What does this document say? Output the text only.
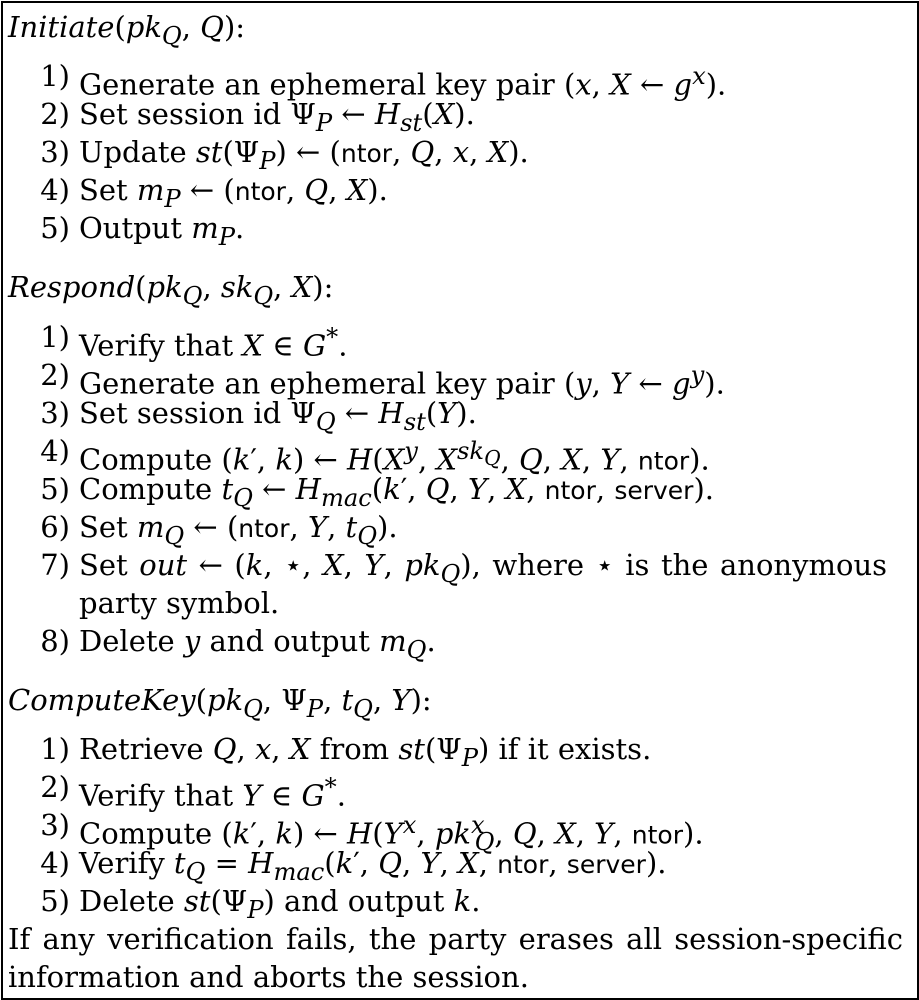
$Initiate(pk_Q$, Q):
1) Generate an ephemeral key pair (x, X ← $g^x$).
2) Set session id $\Psi_P$ ← $H_{st}(X)$.
3) Update $st(\Psi_P)$ ← (ntor, Q, x, X).
4) Set $m_P$ ← (ntor, Q, X).
5) Output $m_P$.
$Respond(pk_Q$, $sk_Q$, X):
1) Verify that X ∈ G*.
2) Generate an ephemeral key pair (y, Y ← $g^y$).
3) Set session id $\Psi_Q$ ← $H_{st}(Y)$.
4) Compute (k′, k) ← $H(X^y$, $X^{sk_Q}$, Q, X, Y, ntor).
5) Compute $t_Q$ ← $H_{mac}(k'$, Q, Y, X, ntor, server).
6) Set $m_Q$ ← (ntor, Y, $t_Q$).
7) Set out ← (k, ⋆, X, Y, $pk_Q$), where ⋆ is the anonymous
party symbol.
8) Delete y and output $m_Q$.
$ComputeKey(pk_Q$, $\Psi_P$, $t_Q$, Y):
1) Retrieve Q, x, X from $st(\Psi_P)$ if it exists.
2) Verify that Y ∈ G*.
3) Compute (k′, k) ← $H(Y^x$, $pk^x_Q$, Q, X, Y, ntor).
4) Verify $t_Q = H_{mac}(k'$, Q, Y, X, ntor, server).
5) Delete $st(\Psi_P)$ and output k.
If any verification fails, the party erases all session-specific
information and aborts the session.
